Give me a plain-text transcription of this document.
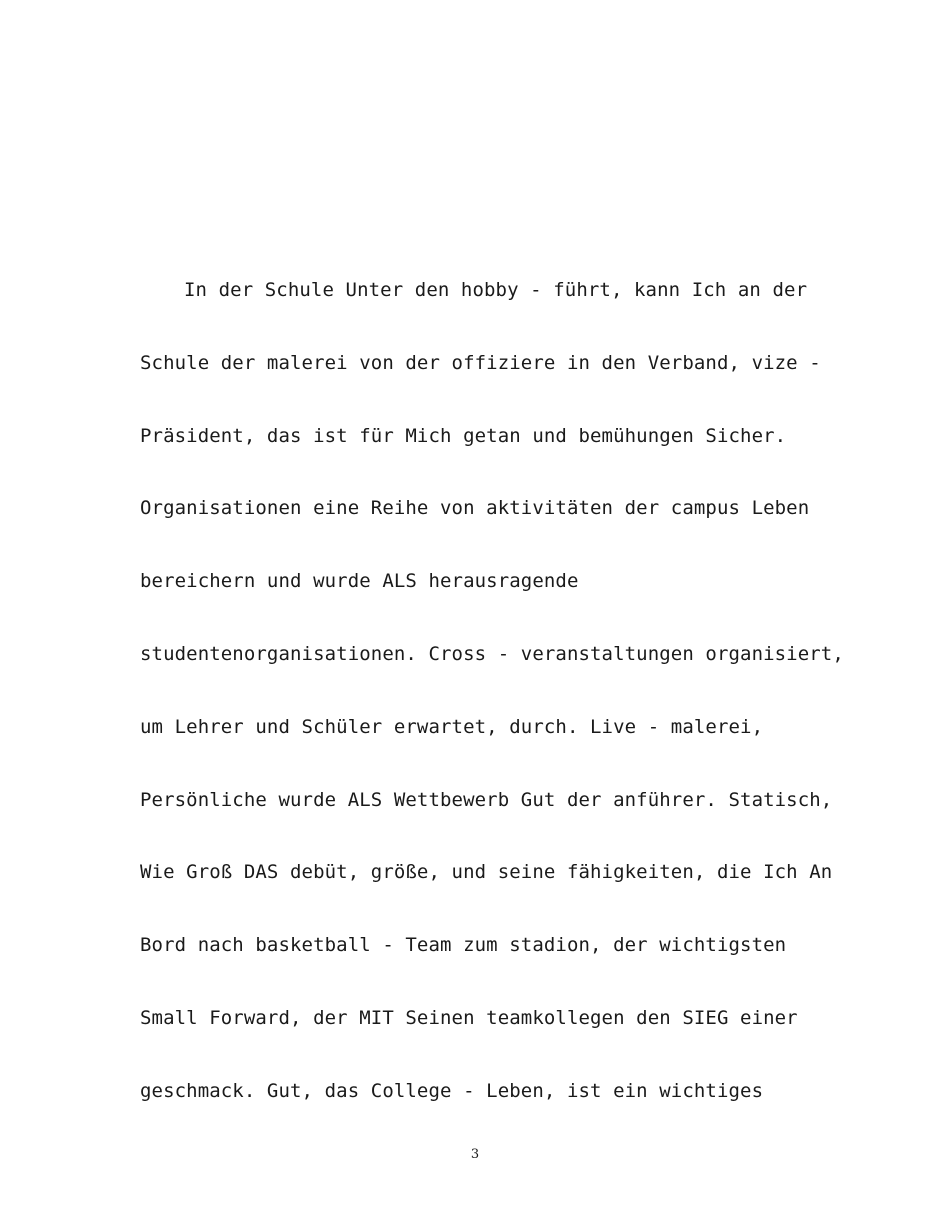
In der Schule Unter den hobby - führt, kann Ich an der
Schule der malerei von der offiziere in den Verband, vize -
Präsident, das ist für Mich getan und bemühungen Sicher.
Organisationen eine Reihe von aktivitäten der campus Leben
bereichern und wurde ALS herausragende
studentenorganisationen. Cross - veranstaltungen organisiert,
um Lehrer und Schüler erwartet, durch. Live - malerei,
Persönliche wurde ALS Wettbewerb Gut der anführer. Statisch,
Wie Groß DAS debüt, größe, und seine fähigkeiten, die Ich An
Bord nach basketball - Team zum stadion, der wichtigsten
Small Forward, der MIT Seinen teamkollegen den SIEG einer
geschmack. Gut, das College - Leben, ist ein wichtiges
3
